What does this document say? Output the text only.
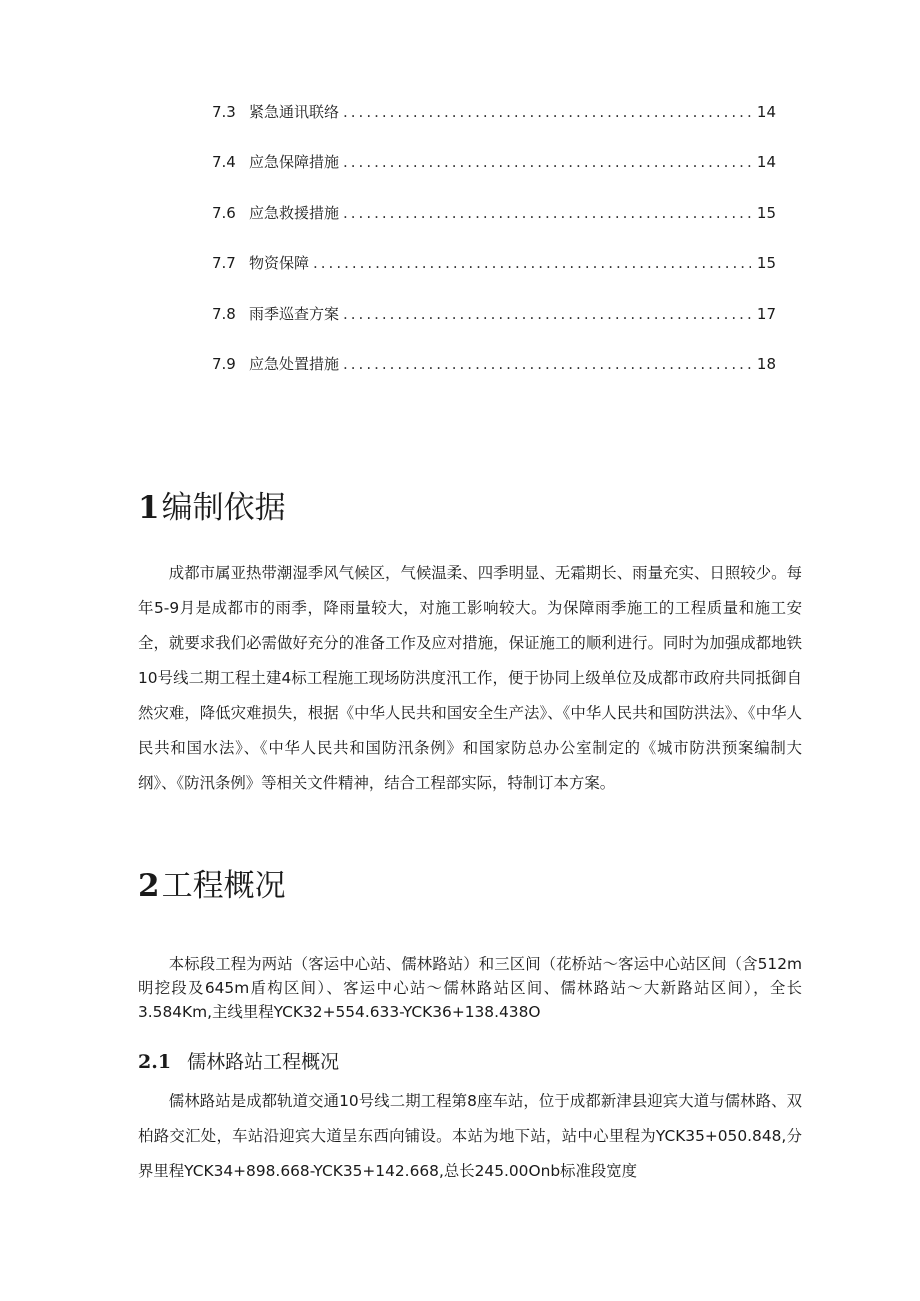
7.3 紧急通讯联络 .....	14
7.4 应急保障措施 .....	14
7.6 应急救援措施 .....	15
7.7 物资保障 .....	15
7.8 雨季巡查方案 .....	17
7.9 应急处置措施 .....	18
1编制依据

成都市属亚热带潮湿季风气候区，气候温柔、四季明显、无霜期长、雨量充实、日照较少。每年5-9月是成都市的雨季，降雨量较大，对施工影响较大。为保障雨季施工的工程质量和施工安全，就要求我们必需做好充分的准备工作及应对措施，保证施工的顺利进行。同时为加强成都地铁10号线二期工程土建4标工程施工现场防洪度汛工作，便于协同上级单位及成都市政府共同抵御自然灾难，降低灾难损失，根据《中华人民共和国安全生产法》、《中华人民共和国防洪法》、《中华人民共和国水法》、《中华人民共和国防汛条例》和国家防总办公室制定的《城市防洪预案编制大纲》、《防汛条例》等相关文件精神，结合工程部实际，特制订本方案。

2工程概况

本标段工程为两站（客运中心站、儒林路站）和三区间（花桥站～客运中心站区间（含512m明挖段及645m盾构区间）、客运中心站～儒林路站区间、儒林路站～大新路站区间），全长3.584Km,主线里程YCK32+554.633-YCK36+138.438O

2.1 儒林路站工程概况

儒林路站是成都轨道交通10号线二期工程第8座车站，位于成都新津县迎宾大道与儒林路、双柏路交汇处，车站沿迎宾大道呈东西向铺设。本站为地下站，站中心里程为YCK35+050.848,分界里程YCK34+898.668-YCK35+142.668,总长245.00Onb标准段宽度
